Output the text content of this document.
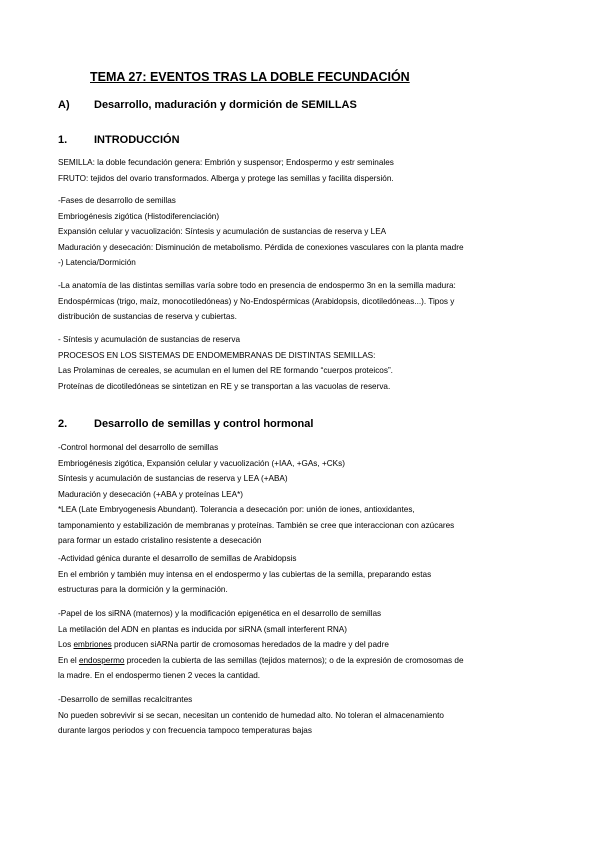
TEMA 27: EVENTOS TRAS LA DOBLE FECUNDACIÓN
A) Desarrollo, maduración y dormición de SEMILLAS
1. INTRODUCCIÓN
SEMILLA: la doble fecundación genera: Embrión y suspensor; Endospermo y estr seminales
FRUTO: tejidos del ovario transformados. Alberga y protege las semillas y facilita dispersión.
-Fases de desarrollo de semillas
Embriogénesis zigótica (Histodiferenciación)
Expansión celular y vacuolización: Síntesis y acumulación de sustancias de reserva y LEA
Maduración y desecación: Disminución de metabolismo. Pérdida de conexiones vasculares con la planta madre
-) Latencia/Dormición
-La anatomía de las distintas semillas varía sobre todo en presencia de endospermo 3n en la semilla madura:
Endospérmicas (trigo, maíz, monocotiledóneas) y No-Endospérmicas (Arabidopsis, dicotiledóneas...). Tipos y
distribución de sustancias de reserva y cubiertas.
- Síntesis y acumulación de sustancias de reserva
PROCESOS EN LOS SISTEMAS DE ENDOMEMBRANAS DE DISTINTAS SEMILLAS:
Las Prolaminas de cereales, se acumulan en el lumen del RE formando “cuerpos proteicos”.
Proteínas de dicotiledóneas se sintetizan en RE y se transportan a las vacuolas de reserva.
2. Desarrollo de semillas y control hormonal
-Control hormonal del desarrollo de semillas
Embriogénesis zigótica, Expansión celular y vacuolización (+IAA, +GAs, +CKs)
Síntesis y acumulación de sustancias de reserva y LEA (+ABA)
Maduración y desecación (+ABA y proteínas LEA*)
*LEA (Late Embryogenesis Abundant). Tolerancia a desecación por: unión de iones, antioxidantes,
tamponamiento y estabilización de membranas y proteínas. También se cree que interaccionan con azúcares
para formar un estado cristalino resistente a desecación
-Actividad génica durante el desarrollo de semillas de Arabidopsis
En el embrión y también muy intensa en el endospermo y las cubiertas de la semilla, preparando estas
estructuras para la dormición y la germinación.
-Papel de los siRNA (maternos) y la modificación epigenética en el desarrollo de semillas
La metilación del ADN en plantas es inducida por siRNA (small interferent RNA)
Los embriones producen siARNa partir de cromosomas heredados de la madre y del padre
En el endospermo proceden la cubierta de las semillas (tejidos maternos); o de la expresión de cromosomas de
la madre. En el endospermo tienen 2 veces la cantidad.
-Desarrollo de semillas recalcitrantes
No pueden sobrevivir si se secan, necesitan un contenido de humedad alto. No toleran el almacenamiento
durante largos periodos y con frecuencia tampoco temperaturas bajas
